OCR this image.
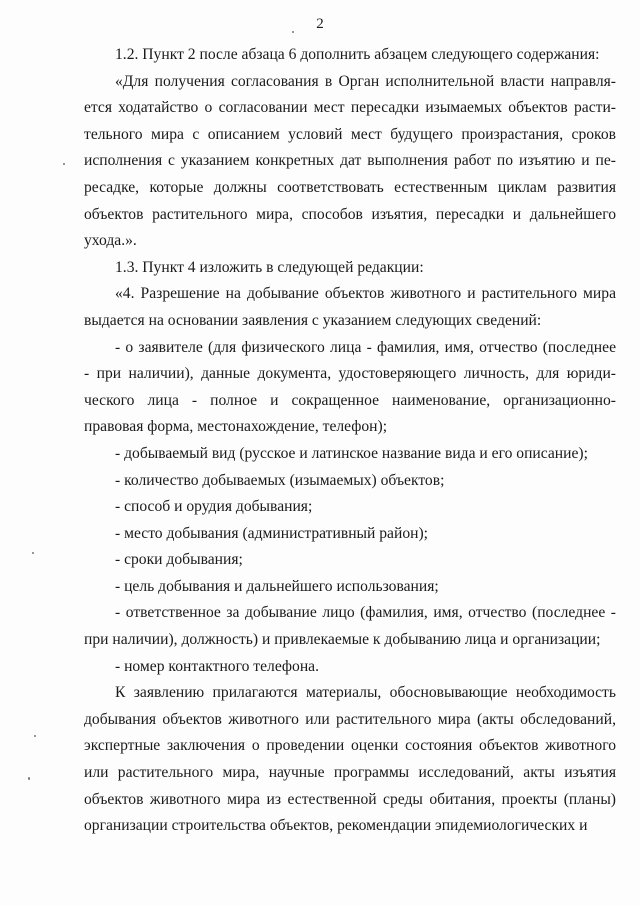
2
1.2. Пункт 2 после абзаца 6 дополнить абзацем следующего содержания:
«Для получения согласования в Орган исполнительной власти направля-
ется ходатайство о согласовании мест пересадки изымаемых объектов расти-
тельного мира с описанием условий мест будущего произрастания, сроков
исполнения с указанием конкретных дат выполнения работ по изъятию и пе-
ресадке, которые должны соответствовать естественным циклам развития
объектов растительного мира, способов изъятия, пересадки и дальнейшего
ухода.».
1.3. Пункт 4 изложить в следующей редакции:
«4. Разрешение на добывание объектов животного и растительного мира
выдается на основании заявления с указанием следующих сведений:
- о заявителе (для физического лица - фамилия, имя, отчество (последнее
- при наличии), данные документа, удостоверяющего личность, для юриди-
ческого лица - полное и сокращенное наименование, организационно-
правовая форма, местонахождение, телефон);
- добываемый вид (русское и латинское название вида и его описание);
- количество добываемых (изымаемых) объектов;
- способ и орудия добывания;
- место добывания (административный район);
- сроки добывания;
- цель добывания и дальнейшего использования;
- ответственное за добывание лицо (фамилия, имя, отчество (последнее -
при наличии), должность) и привлекаемые к добыванию лица и организации;
- номер контактного телефона.
К заявлению прилагаются материалы, обосновывающие необходимость
добывания объектов животного или растительного мира (акты обследований,
экспертные заключения о проведении оценки состояния объектов животного
или растительного мира, научные программы исследований, акты изъятия
объектов животного мира из естественной среды обитания, проекты (планы)
организации строительства объектов, рекомендации эпидемиологических и
